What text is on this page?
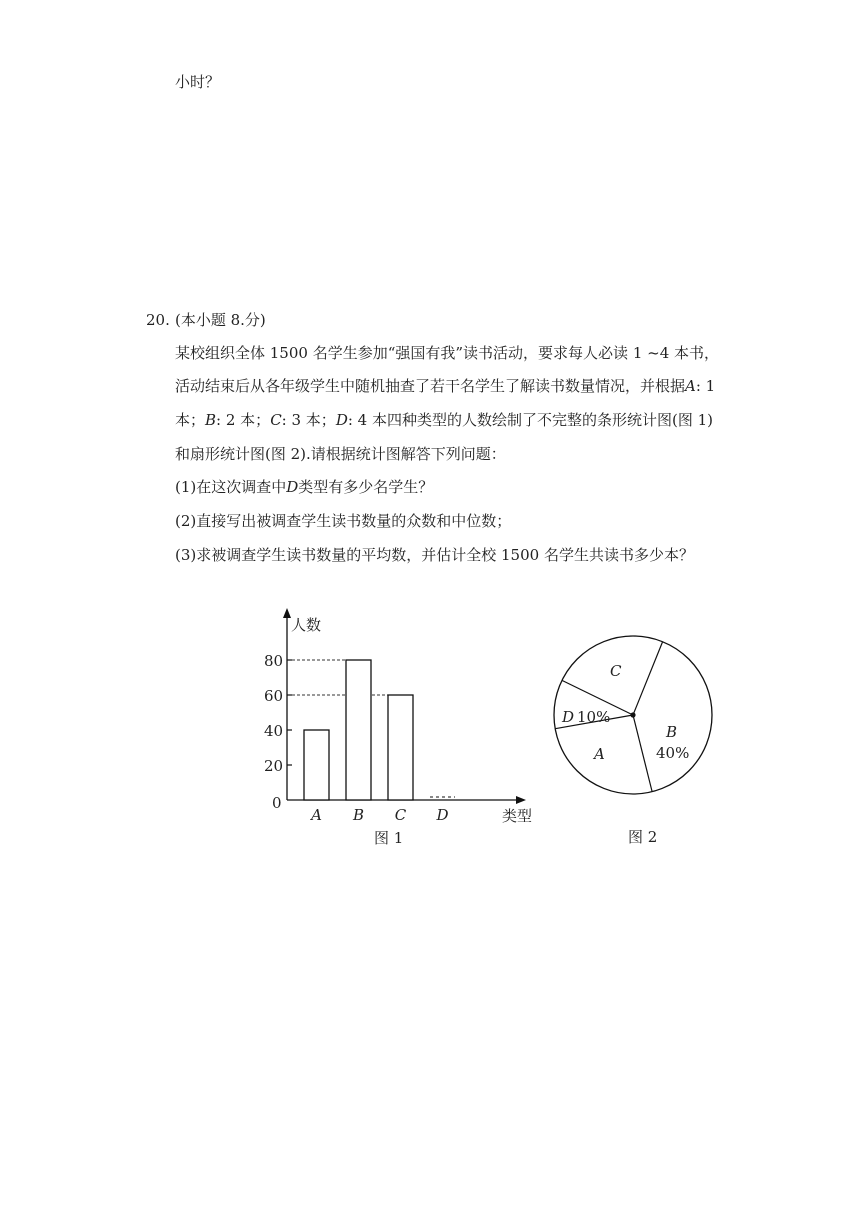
小时？
20. (本小题 8.分)
某校组织全体 1500 名学生参加“强国有我”读书活动，要求每人必读 1 ~4 本书，
活动结束后从各年级学生中随机抽查了若干名学生了解读书数量情况，并根据A: 1
本；B: 2 本；C: 3 本；D: 4 本四种类型的人数绘制了不完整的条形统计图(图 1)
和扇形统计图(图 2).请根据统计图解答下列问题：
(1)在这次调查中D类型有多少名学生？
(2)直接写出被调查学生读书数量的众数和中位数；
(3)求被调查学生读书数量的平均数，并估计全校 1500 名学生共读书多少本？
0
20
40
60
80
A B C D
人数
类型
图 1
C
B
40%
A
D 10%
图 2
